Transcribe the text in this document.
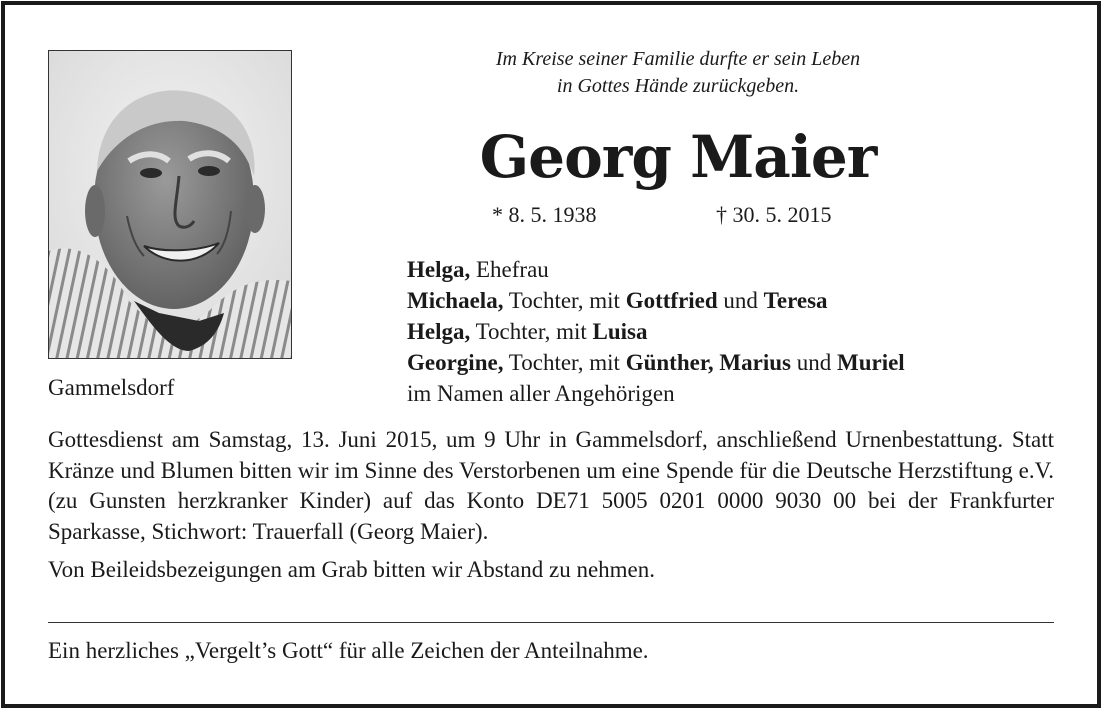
Gammelsdorf
Im Kreise seiner Familie durfte er sein Leben
in Gottes Hände zurückgeben.
Georg Maier
* 8. 5. 1938	† 30. 5. 2015
Helga, Ehefrau
Michaela, Tochter, mit Gottfried und Teresa
Helga, Tochter, mit Luisa
Georgine, Tochter, mit Günther, Marius und Muriel
im Namen aller Angehörigen

Gottesdienst am Samstag, 13. Juni 2015, um 9 Uhr in Gammelsdorf, anschließend Urnenbestattung. Statt Kränze und Blumen bitten wir im Sinne des Verstorbenen um eine Spende für die Deutsche Herzstiftung e.V. (zu Gunsten herzkranker Kinder) auf das Konto DE71 5005 0201 0000 9030 00 bei der Frankfurter Sparkasse, Stichwort: Trauerfall (Georg Maier).

Von Beileidsbezeigungen am Grab bitten wir Abstand zu nehmen.

Ein herzliches „Vergelt’s Gott“ für alle Zeichen der Anteilnahme.
